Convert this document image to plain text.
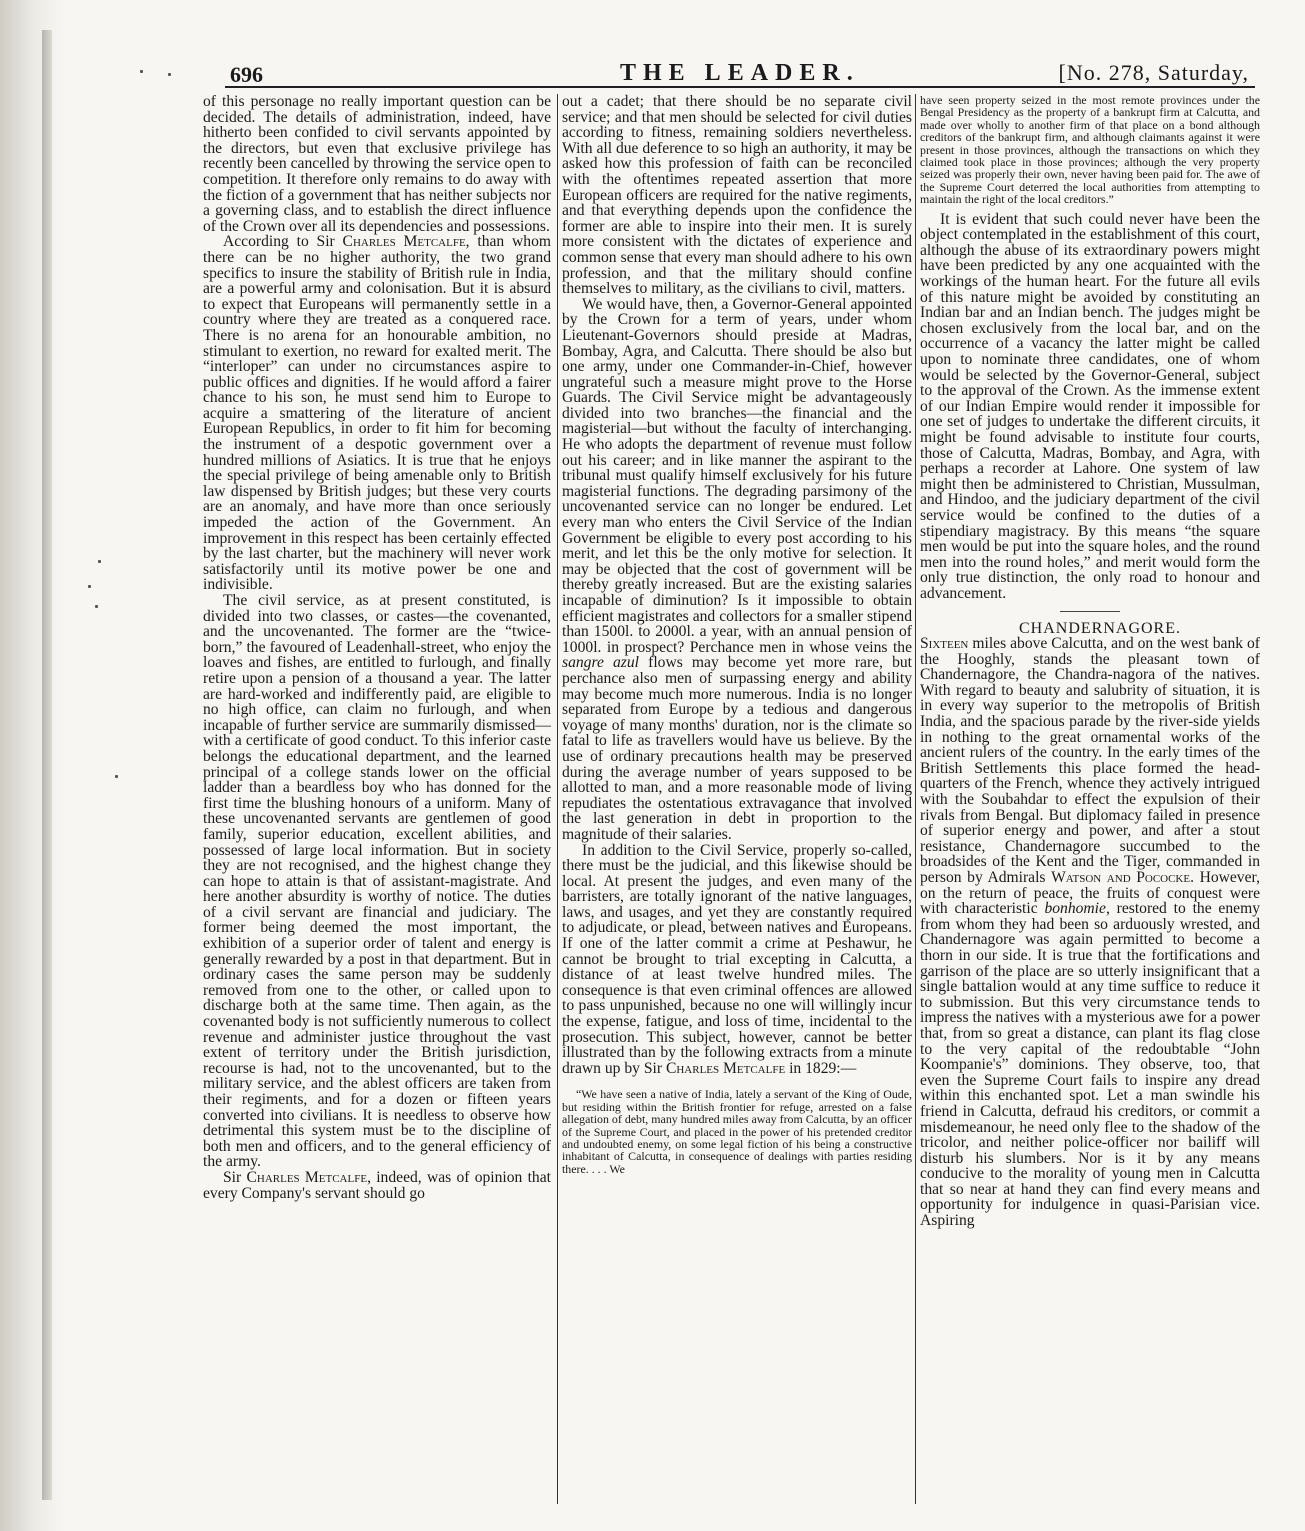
696	THE LEADER.	[No. 278, Saturday,

of this personage no really important question can be decided. The details of administration, indeed, have hitherto been confided to civil servants appointed by the directors, but even that exclusive privilege has recently been cancelled by throwing the service open to competition. It therefore only remains to do away with the fiction of a government that has neither subjects nor a governing class, and to establish the direct influence of the Crown over all its dependencies and possessions.

According to Sir Charles Metcalfe, than whom there can be no higher authority, the two grand specifics to insure the stability of British rule in India, are a powerful army and colonisation. But it is absurd to expect that Europeans will permanently settle in a country where they are treated as a conquered race. There is no arena for an honourable ambition, no stimulant to exertion, no reward for exalted merit. The “interloper” can under no circumstances aspire to public offices and dignities. If he would afford a fairer chance to his son, he must send him to Europe to acquire a smattering of the literature of ancient European Republics, in order to fit him for becoming the instrument of a despotic government over a hundred millions of Asiatics. It is true that he enjoys the special privilege of being amenable only to British law dispensed by British judges; but these very courts are an anomaly, and have more than once seriously impeded the action of the Government. An improvement in this respect has been certainly effected by the last charter, but the machinery will never work satisfactorily until its motive power be one and indivisible.

The civil service, as at present constituted, is divided into two classes, or castes—the covenanted, and the uncovenanted. The former are the “twice-born,” the favoured of Leadenhall-street, who enjoy the loaves and fishes, are entitled to furlough, and finally retire upon a pension of a thousand a year. The latter are hard-worked and indifferently paid, are eligible to no high office, can claim no furlough, and when incapable of further service are summarily dismissed—with a certificate of good conduct. To this inferior caste belongs the educational department, and the learned principal of a college stands lower on the official ladder than a beardless boy who has donned for the first time the blushing honours of a uniform. Many of these uncovenanted servants are gentlemen of good family, superior education, excellent abilities, and possessed of large local information. But in society they are not recognised, and the highest change they can hope to attain is that of assistant-magistrate. And here another absurdity is worthy of notice. The duties of a civil servant are financial and judiciary. The former being deemed the most important, the exhibition of a superior order of talent and energy is generally rewarded by a post in that department. But in ordinary cases the same person may be suddenly removed from one to the other, or called upon to discharge both at the same time. Then again, as the covenanted body is not sufficiently numerous to collect revenue and administer justice throughout the vast extent of territory under the British jurisdiction, recourse is had, not to the uncovenanted, but to the military service, and the ablest officers are taken from their regiments, and for a dozen or fifteen years converted into civilians. It is needless to observe how detrimental this system must be to the discipline of both men and officers, and to the general efficiency of the army.

Sir Charles Metcalfe, indeed, was of opinion that every Company's servant should go

out a cadet; that there should be no separate civil service; and that men should be selected for civil duties according to fitness, remaining soldiers nevertheless. With all due deference to so high an authority, it may be asked how this profession of faith can be reconciled with the oftentimes repeated assertion that more European officers are required for the native regiments, and that everything depends upon the confidence the former are able to inspire into their men. It is surely more consistent with the dictates of experience and common sense that every man should adhere to his own profession, and that the military should confine themselves to military, as the civilians to civil, matters.

We would have, then, a Governor-General appointed by the Crown for a term of years, under whom Lieutenant-Governors should preside at Madras, Bombay, Agra, and Calcutta. There should be also but one army, under one Commander-in-Chief, however ungrateful such a measure might prove to the Horse Guards. The Civil Service might be advantageously divided into two branches—the financial and the magisterial—but without the faculty of interchanging. He who adopts the department of revenue must follow out his career; and in like manner the aspirant to the tribunal must qualify himself exclusively for his future magisterial functions. The degrading parsimony of the uncovenanted service can no longer be endured. Let every man who enters the Civil Service of the Indian Government be eligible to every post according to his merit, and let this be the only motive for selection. It may be objected that the cost of government will be thereby greatly increased. But are the existing salaries incapable of diminution? Is it impossible to obtain efficient magistrates and collectors for a smaller stipend than 1500l. to 2000l. a year, with an annual pension of 1000l. in prospect? Perchance men in whose veins the sangre azul flows may become yet more rare, but perchance also men of surpassing energy and ability may become much more numerous. India is no longer separated from Europe by a tedious and dangerous voyage of many months' duration, nor is the climate so fatal to life as travellers would have us believe. By the use of ordinary precautions health may be preserved during the average number of years supposed to be allotted to man, and a more reasonable mode of living repudiates the ostentatious extravagance that involved the last generation in debt in proportion to the magnitude of their salaries.

In addition to the Civil Service, properly so-called, there must be the judicial, and this likewise should be local. At present the judges, and even many of the barristers, are totally ignorant of the native languages, laws, and usages, and yet they are constantly required to adjudicate, or plead, between natives and Europeans. If one of the latter commit a crime at Peshawur, he cannot be brought to trial excepting in Calcutta, a distance of at least twelve hundred miles. The consequence is that even criminal offences are allowed to pass unpunished, because no one will willingly incur the expense, fatigue, and loss of time, incidental to the prosecution. This subject, however, cannot be better illustrated than by the following extracts from a minute drawn up by Sir Charles Metcalfe in 1829:—

“We have seen a native of India, lately a servant of the King of Oude, but residing within the British frontier for refuge, arrested on a false allegation of debt, many hundred miles away from Calcutta, by an officer of the Supreme Court, and placed in the power of his pretended creditor and undoubted enemy, on some legal fiction of his being a constructive inhabitant of Calcutta, in consequence of dealings with parties residing there. . . . We

have seen property seized in the most remote provinces under the Bengal Presidency as the property of a bankrupt firm at Calcutta, and made over wholly to another firm of that place on a bond although creditors of the bankrupt firm, and although claimants against it were present in those provinces, although the transactions on which they claimed took place in those provinces; although the very property seized was properly their own, never having been paid for. The awe of the Supreme Court deterred the local authorities from attempting to maintain the right of the local creditors.”

It is evident that such could never have been the object contemplated in the establishment of this court, although the abuse of its extraordinary powers might have been predicted by any one acquainted with the workings of the human heart. For the future all evils of this nature might be avoided by constituting an Indian bar and an Indian bench. The judges might be chosen exclusively from the local bar, and on the occurrence of a vacancy the latter might be called upon to nominate three candidates, one of whom would be selected by the Governor-General, subject to the approval of the Crown. As the immense extent of our Indian Empire would render it impossible for one set of judges to undertake the different circuits, it might be found advisable to institute four courts, those of Calcutta, Madras, Bombay, and Agra, with perhaps a recorder at Lahore. One system of law might then be administered to Christian, Mussulman, and Hindoo, and the judiciary department of the civil service would be confined to the duties of a stipendiary magistracy. By this means “the square men would be put into the square holes, and the round men into the round holes,” and merit would form the only true distinction, the only road to honour and advancement.

CHANDERNAGORE.

Sixteen miles above Calcutta, and on the west bank of the Hooghly, stands the pleasant town of Chandernagore, the Chandra-nagora of the natives. With regard to beauty and salubrity of situation, it is in every way superior to the metropolis of British India, and the spacious parade by the river-side yields in nothing to the great ornamental works of the ancient rulers of the country. In the early times of the British Settlements this place formed the head-quarters of the French, whence they actively intrigued with the Soubahdar to effect the expulsion of their rivals from Bengal. But diplomacy failed in presence of superior energy and power, and after a stout resistance, Chandernagore succumbed to the broadsides of the Kent and the Tiger, commanded in person by Admirals Watson and Pococke. However, on the return of peace, the fruits of conquest were with characteristic bonhomie, restored to the enemy from whom they had been so arduously wrested, and Chandernagore was again permitted to become a thorn in our side. It is true that the fortifications and garrison of the place are so utterly insignificant that a single battalion would at any time suffice to reduce it to submission. But this very circumstance tends to impress the natives with a mysterious awe for a power that, from so great a distance, can plant its flag close to the very capital of the redoubtable “John Koompanie's” dominions. They observe, too, that even the Supreme Court fails to inspire any dread within this enchanted spot. Let a man swindle his friend in Calcutta, defraud his creditors, or commit a misdemeanour, he need only flee to the shadow of the tricolor, and neither police-officer nor bailiff will disturb his slumbers. Nor is it by any means conducive to the morality of young men in Calcutta that so near at hand they can find every means and opportunity for indulgence in quasi-Parisian vice. Aspiring
